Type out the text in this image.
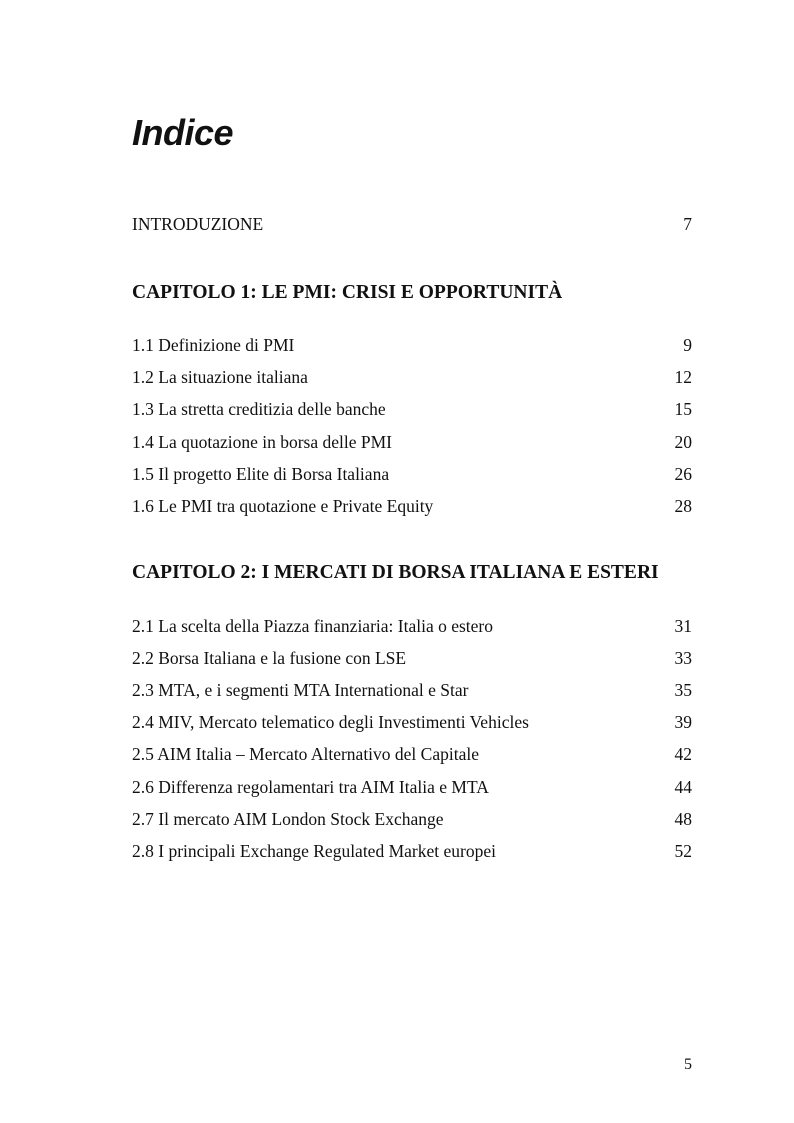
Indice
INTRODUZIONE	7
CAPITOLO 1: LE PMI: CRISI E OPPORTUNITÀ
1.1 Definizione di PMI	9
1.2 La situazione italiana	12
1.3 La stretta creditizia delle banche	15
1.4 La quotazione in borsa delle PMI	20
1.5 Il progetto Elite di Borsa Italiana	26
1.6 Le PMI tra quotazione e Private Equity	28
CAPITOLO 2: I MERCATI DI BORSA ITALIANA E ESTERI
2.1 La scelta della Piazza finanziaria: Italia o estero	31
2.2 Borsa Italiana e la fusione con LSE	33
2.3 MTA, e i segmenti MTA International e Star	35
2.4 MIV, Mercato telematico degli Investimenti Vehicles	39
2.5 AIM Italia – Mercato Alternativo del Capitale	42
2.6 Differenza regolamentari tra AIM Italia e MTA	44
2.7 Il mercato AIM London Stock Exchange	48
2.8 I principali Exchange Regulated Market europei	52
5
